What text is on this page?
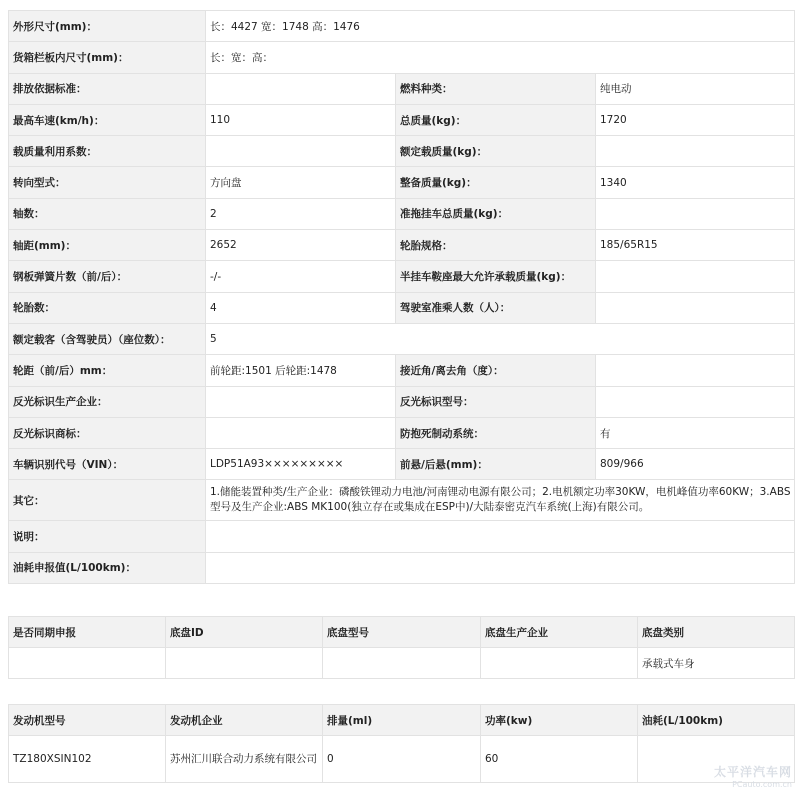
外形尺寸(mm)：	长：4427 宽：1748 高：1476		
货箱栏板内尺寸(mm)：	长：宽：高：		
排放依据标准：		燃料种类：	纯电动
最高车速(km/h)：	110	总质量(kg)：	1720
载质量利用系数：		额定载质量(kg)：	
转向型式：	方向盘	整备质量(kg)：	1340
轴数：	2	准拖挂车总质量(kg)：	
轴距(mm)：	2652	轮胎规格：	185/65R15
钢板弹簧片数（前/后）：	-/-	半挂车鞍座最大允许承载质量(kg)：	
轮胎数：	4	驾驶室准乘人数（人）：	
额定载客（含驾驶员）（座位数）：	5		
轮距（前/后）mm：	前轮距:1501 后轮距:1478	接近角/离去角（度）：	
反光标识生产企业：		反光标识型号：	
反光标识商标：		防抱死制动系统：	有
车辆识别代号（VIN）：	LDP51A93×××××××××	前悬/后悬(mm)：	809/966
其它：	1.储能装置种类/生产企业：磷酸铁锂动力电池/河南锂动电源有限公司；2.电机额定功率30KW，电机峰值功率60KW；3.ABS型号及生产企业:ABS MK100(独立存在或集成在ESP中)/大陆泰密克汽车系统(上海)有限公司。		
说明：			
油耗申报值(L/100km)：			
是否同期申报	底盘ID	底盘型号	底盘生产企业	底盘类别
				承载式车身
发动机型号	发动机企业	排量(ml)	功率(kw)	油耗(L/100km)
TZ180XSIN102	苏州汇川联合动力系统有限公司	0	60	
太平洋汽车网
PCauto.com.cn
